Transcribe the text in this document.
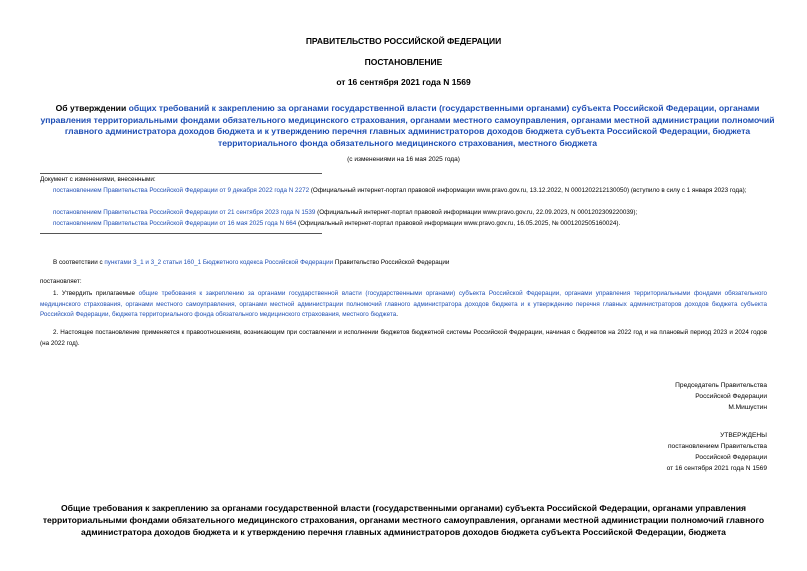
ПРАВИТЕЛЬСТВО РОССИЙСКОЙ ФЕДЕРАЦИИ
ПОСТАНОВЛЕНИЕ
от 16 сентября 2021 года N 1569
Об утверждении общих требований к закреплению за органами государственной власти (государственными органами) субъекта Российской Федерации, органами управления территориальными фондами обязательного медицинского страхования, органами местного самоуправления, органами местной администрации полномочий главного администратора доходов бюджета и к утверждению перечня главных администраторов доходов бюджета субъекта Российской Федерации, бюджета территориального фонда обязательного медицинского страхования, местного бюджета
(с изменениями на 16 мая 2025 года)
Документ с изменениями, внесенными:
постановлением Правительства Российской Федерации от 9 декабря 2022 года N 2272 (Официальный интернет-портал правовой информации www.pravo.gov.ru, 13.12.2022, N 0001202212130050) (вступило в силу с 1 января 2023 года);
постановлением Правительства Российской Федерации от 21 сентября 2023 года N 1539 (Официальный интернет-портал правовой информации www.pravo.gov.ru, 22.09.2023, N 0001202309220039);
постановлением Правительства Российской Федерации от 16 мая 2025 года N 664 (Официальный интернет-портал правовой информации www.pravo.gov.ru, 16.05.2025, № 0001202505160024).
В соответствии с пунктами 3_1 и 3_2 статьи 160_1 Бюджетного кодекса Российской Федерации Правительство Российской Федерации
постановляет:
1. Утвердить прилагаемые общие требования к закреплению за органами государственной власти (государственными органами) субъекта Российской Федерации, органами управления территориальными фондами обязательного медицинского страхования, органами местного самоуправления, органами местной администрации полномочий главного администратора доходов бюджета и к утверждению перечня главных администраторов доходов бюджета субъекта Российской Федерации, бюджета территориального фонда обязательного медицинского страхования, местного бюджета.
2. Настоящее постановление применяется к правоотношениям, возникающим при составлении и исполнении бюджетов бюджетной системы Российской Федерации, начиная с бюджетов на 2022 год и на плановый период 2023 и 2024 годов (на 2022 год).
Председатель Правительства
Российской Федерации
М.Мишустин
УТВЕРЖДЕНЫ
постановлением Правительства
Российской Федерации
от 16 сентября 2021 года N 1569
Общие требования к закреплению за органами государственной власти (государственными органами) субъекта Российской Федерации, органами управления территориальными фондами обязательного медицинского страхования, органами местного самоуправления, органами местной администрации полномочий главного администратора доходов бюджета и к утверждению перечня главных администраторов доходов бюджета субъекта Российской Федерации, бюджета
